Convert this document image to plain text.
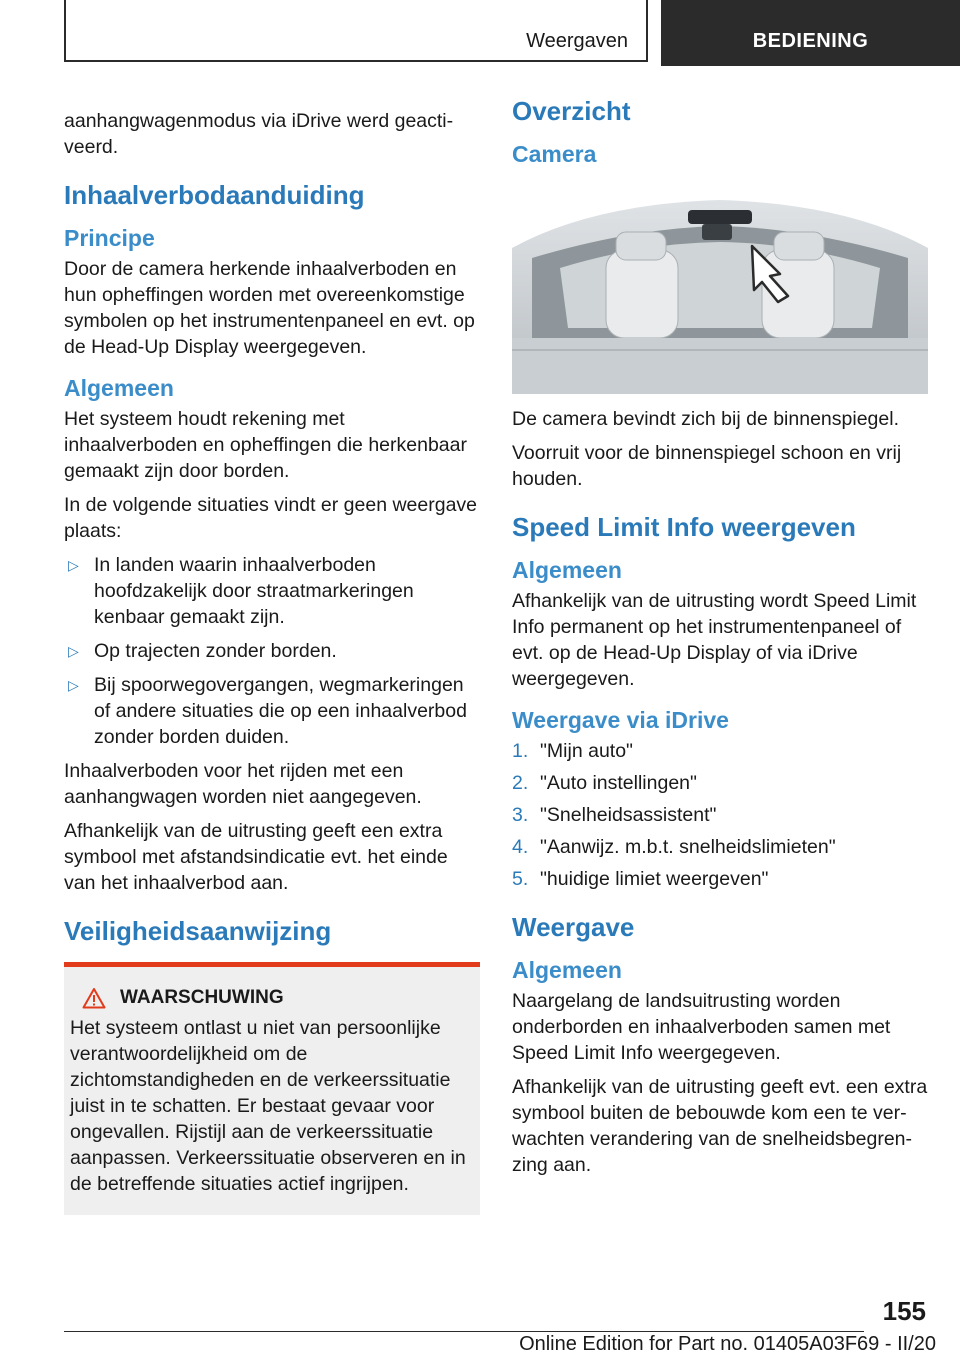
Weergaven	BEDIENING

aanhangwagenmodus via iDrive werd geactiveerd.

Inhaalverbodaanduiding
Principe

Door de camera herkende inhaalverboden en hun opheffingen worden met overeenkomstige symbolen op het instrumentenpaneel en evt. op de Head-Up Display weergegeven.

Algemeen

Het systeem houdt rekening met inhaalverboden en opheffingen die herkenbaar gemaakt zijn door borden.

In de volgende situaties vindt er geen weergave plaats:

▷ In landen waarin inhaalverboden hoofdzakelijk door straatmarkeringen kenbaar gemaakt zijn.
▷ Op trajecten zonder borden.
▷ Bij spoorwegovergangen, wegmarkeringen of andere situaties die op een inhaalverbod zonder borden duiden.

Inhaalverboden voor het rijden met een aanhangwagen worden niet aangegeven.

Afhankelijk van de uitrusting geeft een extra symbool met afstandsindicatie evt. het einde van het inhaalverbod aan.

Veiligheidsaanwijzing
WAARSCHUWING

Het systeem ontlast u niet van persoonlijke verantwoordelijkheid om de zichtomstandigheden en de verkeerssituatie juist in te schatten. Er bestaat gevaar voor ongevallen. Rijstijl aan de verkeerssituatie aanpassen. Verkeerssituatie observeren en in de betreffende situaties actief ingrijpen.

Overzicht
Camera

De camera bevindt zich bij de binnenspiegel.

Voorruit voor de binnenspiegel schoon en vrij houden.

Speed Limit Info weergeven
Algemeen

Afhankelijk van de uitrusting wordt Speed Limit Info permanent op het instrumentenpaneel of evt. op de Head-Up Display of via iDrive weergegeven.

Weergave via iDrive
1. "Mijn auto"
2. "Auto instellingen"
3. "Snelheidsassistent"
4. "Aanwijz. m.b.t. snelheidslimieten"
5. "huidige limiet weergeven"
Weergave
Algemeen

Naargelang de landsuitrusting worden onderborden en inhaalverboden samen met Speed Limit Info weergegeven.

Afhankelijk van de uitrusting geeft evt. een extra symbool buiten de bebouwde kom een te verwachten verandering van de snelheidsbegrenzing aan.

155
Online Edition for Part no. 01405A03F69 - II/20
